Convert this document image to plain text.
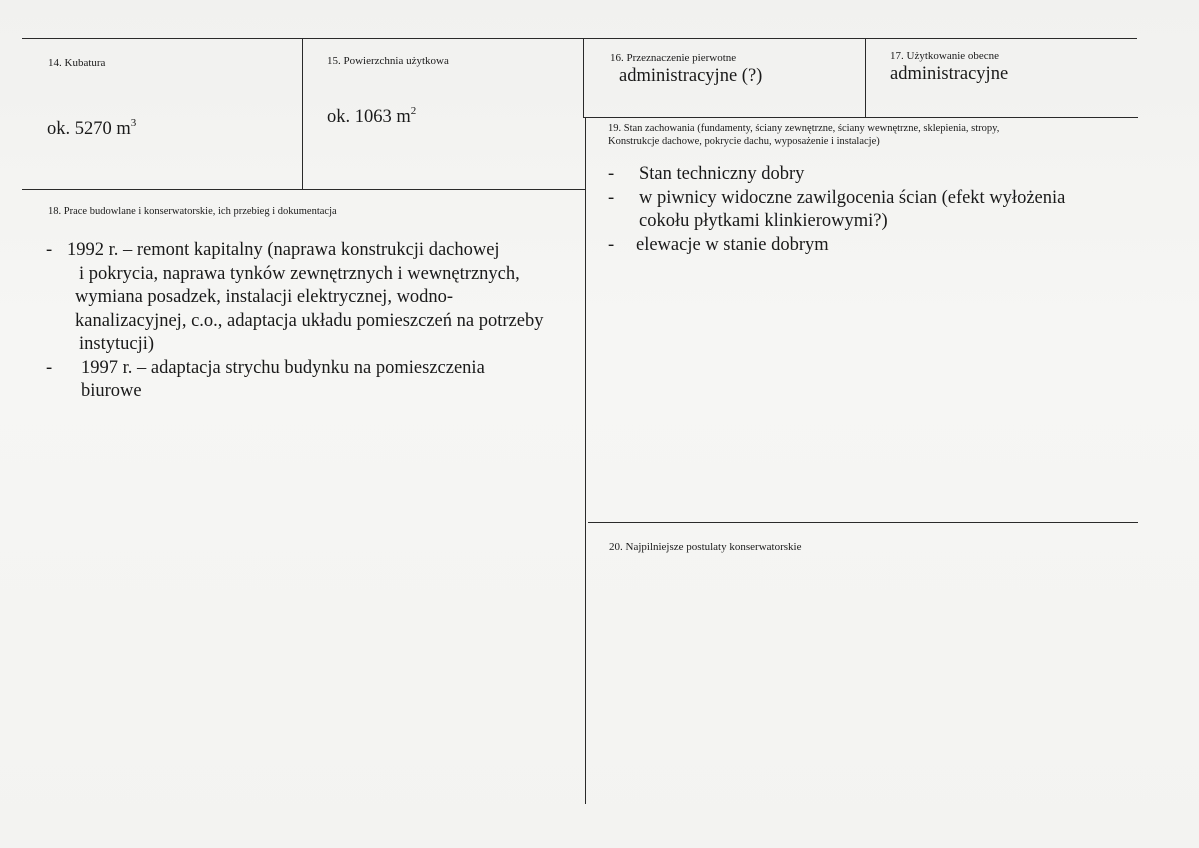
14. Kubatura
ok. 5270 $m^3$
15. Powierzchnia użytkowa
ok. 1063 $m^2$
16. Przeznaczenie pierwotne
administracyjne (?)
17. Użytkowanie obecne
administracyjne
19. Stan zachowania (fundamenty, ściany zewnętrzne, ściany wewnętrzne, sklepienia, stropy,
Konstrukcje dachowe, pokrycie dachu, wyposażenie i instalacje)
- Stan techniczny dobry
- w piwnicy widoczne zawilgocenia ścian (efekt wyłożenia
cokołu płytkami klinkierowymi?)
- elewacje w stanie dobrym
18. Prace budowlane i konserwatorskie, ich przebieg i dokumentacja
- 1992 r. – remont kapitalny (naprawa konstrukcji dachowej
i pokrycia, naprawa tynków zewnętrznych i wewnętrznych,
wymiana posadzek, instalacji elektrycznej, wodno-
kanalizacyjnej, c.o., adaptacja układu pomieszczeń na potrzeby
instytucji)
-	1997 r. – adaptacja strychu budynku na pomieszczenia
biurowe
20. Najpilniejsze postulaty konserwatorskie
